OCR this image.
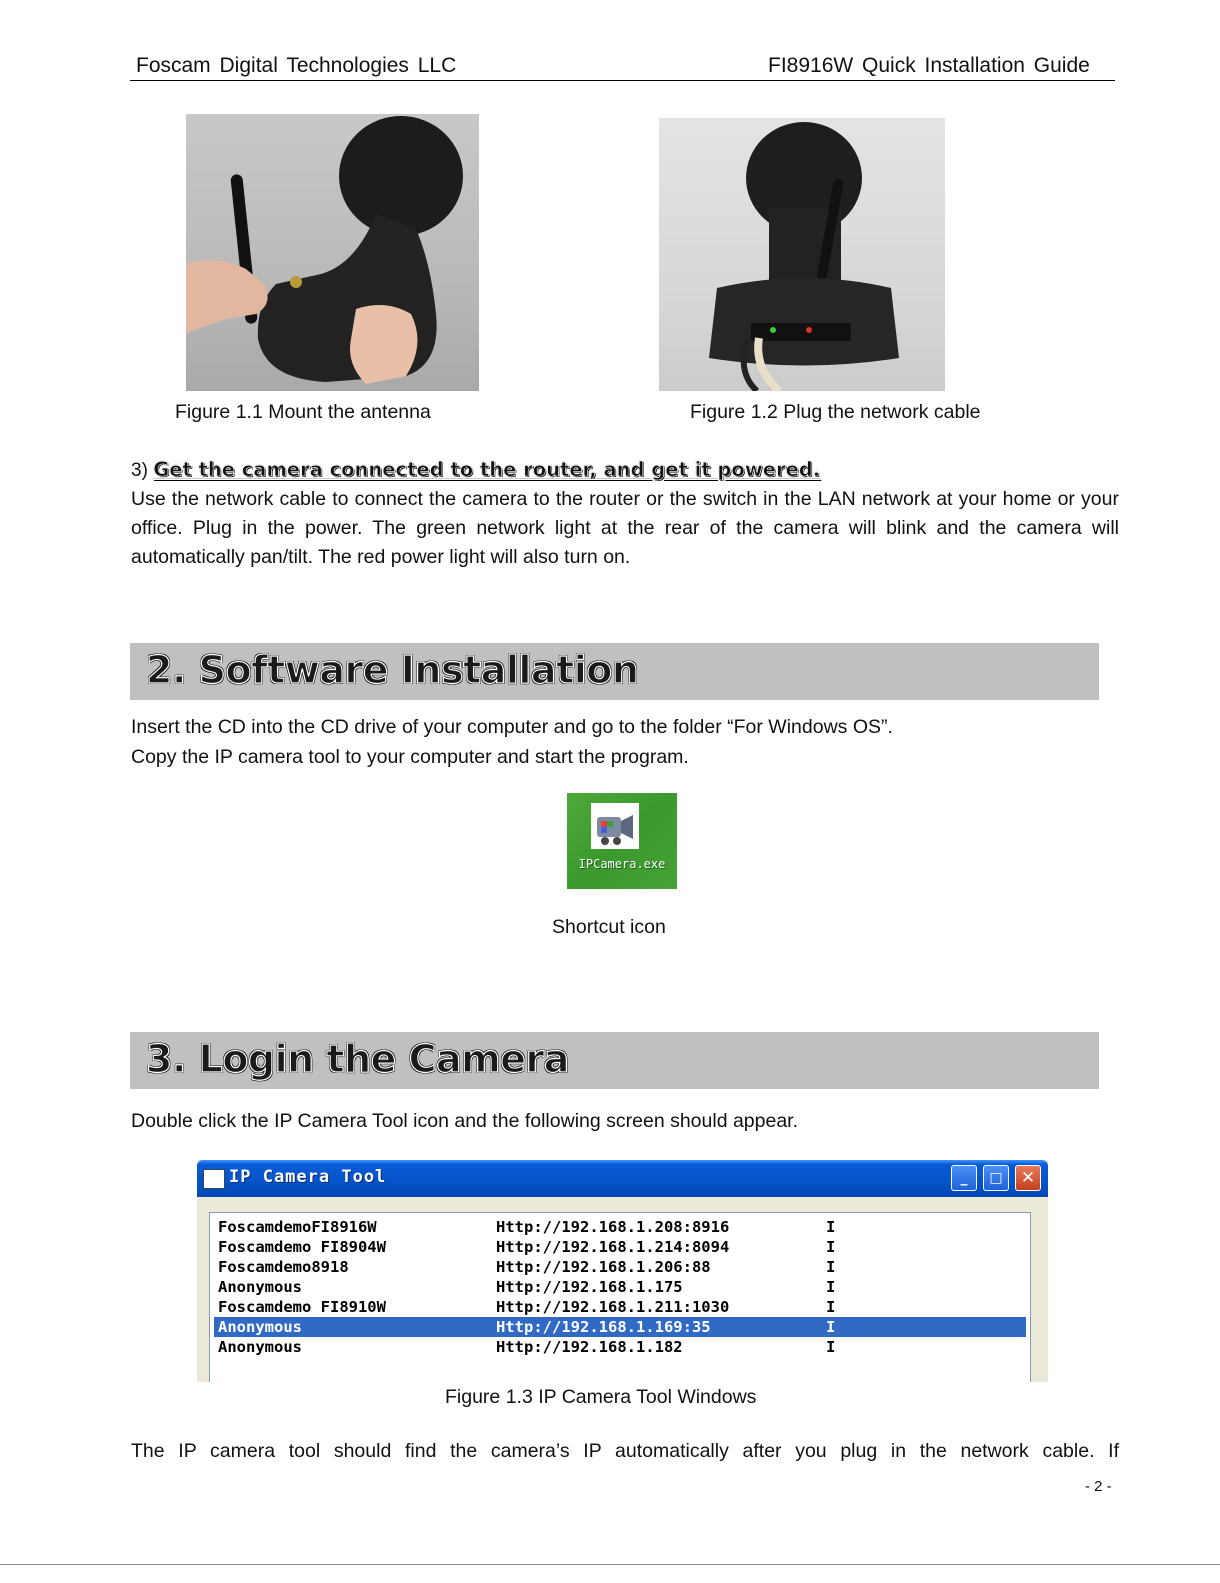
Foscam Digital Technologies LLC	FI8916W Quick Installation Guide
Figure 1.1 Mount the antenna	Figure 1.2 Plug the network cable
3) Get the camera connected to the router, and get it powered.
Use the network cable to connect the camera to the router or the switch in the LAN network at your home or your office. Plug in the power. The green network light at the rear of the camera will blink and the camera will automatically pan/tilt. The red power light will also turn on.
2. Software Installation
Insert the CD into the CD drive of your computer and go to the folder “For Windows OS”.
Copy the IP camera tool to your computer and start the program.
IPCamera.exe
Shortcut icon
3. Login the Camera
Double click the IP Camera Tool icon and the following screen should appear.
IP Camera Tool	_	□	✕
FoscamdemoFI8916W	Http://192.168.1.208:8916	I
Foscamdemo FI8904W	Http://192.168.1.214:8094	I
Foscamdemo8918	Http://192.168.1.206:88	I
Anonymous	Http://192.168.1.175	I
Foscamdemo FI8910W	Http://192.168.1.211:1030	I
Anonymous	Http://192.168.1.169:35	I
Anonymous	Http://192.168.1.182	I
Figure 1.3 IP Camera Tool Windows
The IP camera tool should find the camera’s IP automatically after you plug in the network cable. If
- 2 -
